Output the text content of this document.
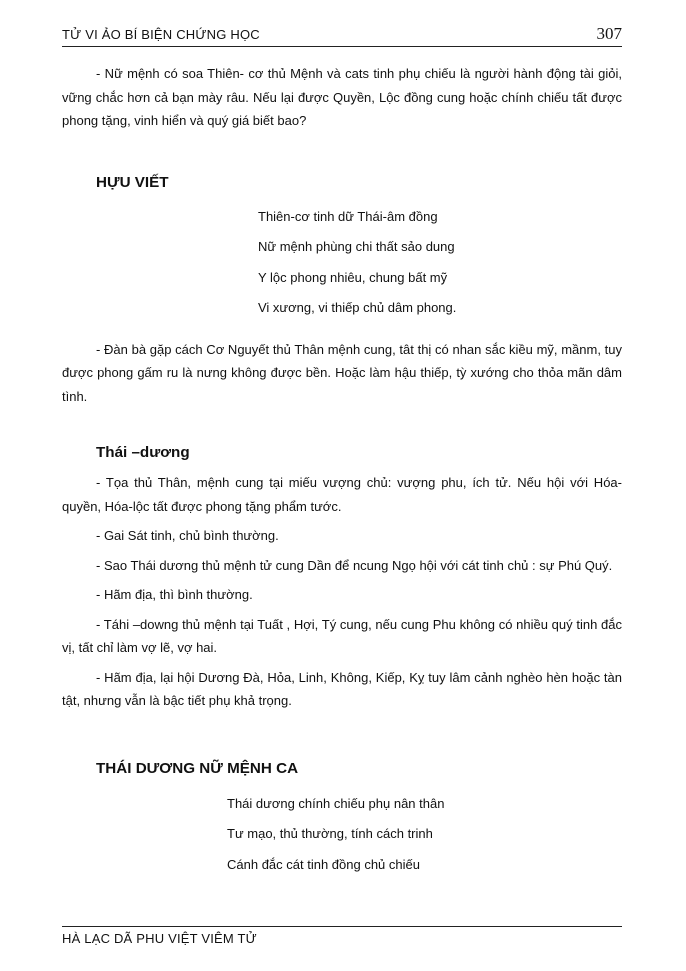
TỬ VI ẢO BÍ BIỆN CHỨNG HỌC	307

- Nữ mệnh có soa Thiên- cơ thủ Mệnh và cats tinh phụ chiếu là người hành động tài giỏi, vững chắc hơn cả bạn mày râu. Nếu lại được Quyền, Lộc đồng cung hoặc chính chiếu tất được phong tặng, vinh hiển và quý giá biết bao?

HỰU VIẾT

Thiên-cơ tinh dữ Thái-âm đồng

Nữ mệnh phùng chi thất sảo dung

Y lộc phong nhiêu, chung bất mỹ

Vi xương, vi thiếp chủ dâm phong.

- Đàn bà gặp cách Cơ Nguyết thủ Thân mệnh cung, tât thị có nhan sắc kiều mỹ, mầnm, tuy được phong gấm ru là nưng không được bền. Hoặc làm hậu thiếp, tỳ xướng cho thỏa mãn dâm tình.

Thái –dương

- Tọa thủ Thân, mệnh cung tại miếu vượng chủ: vượng phu, ích tử. Nếu hội với Hóa-quyền, Hóa-lộc tất được phong tặng phẩm tước.

- Gai Sát tinh, chủ bình thường.

- Sao Thái dương thủ mệnh tử cung Dần để ncung Ngọ hội với cát tinh chủ : sự Phú Quý.

- Hãm địa, thì bình thường.

- Táhi –downg thủ mệnh tại Tuất , Hợi, Tý cung, nếu cung Phu không có nhiều quý tinh đắc vị, tất chỉ làm vợ lẽ, vợ hai.

- Hãm địa, lại hội Dương Đà, Hỏa, Linh, Không, Kiếp, Kỵ tuy lâm cảnh nghèo hèn hoặc tàn tật, nhưng vẫn là bậc tiết phụ khả trọng.

THÁI DƯƠNG NỮ MỆNH CA

Thái dương chính chiếu phụ nân thân

Tư mạo, thủ thường, tính cách trinh

Cánh đắc cát tinh đồng chủ chiếu

HÀ LẠC DÃ PHU VIỆT VIÊM TỬ
